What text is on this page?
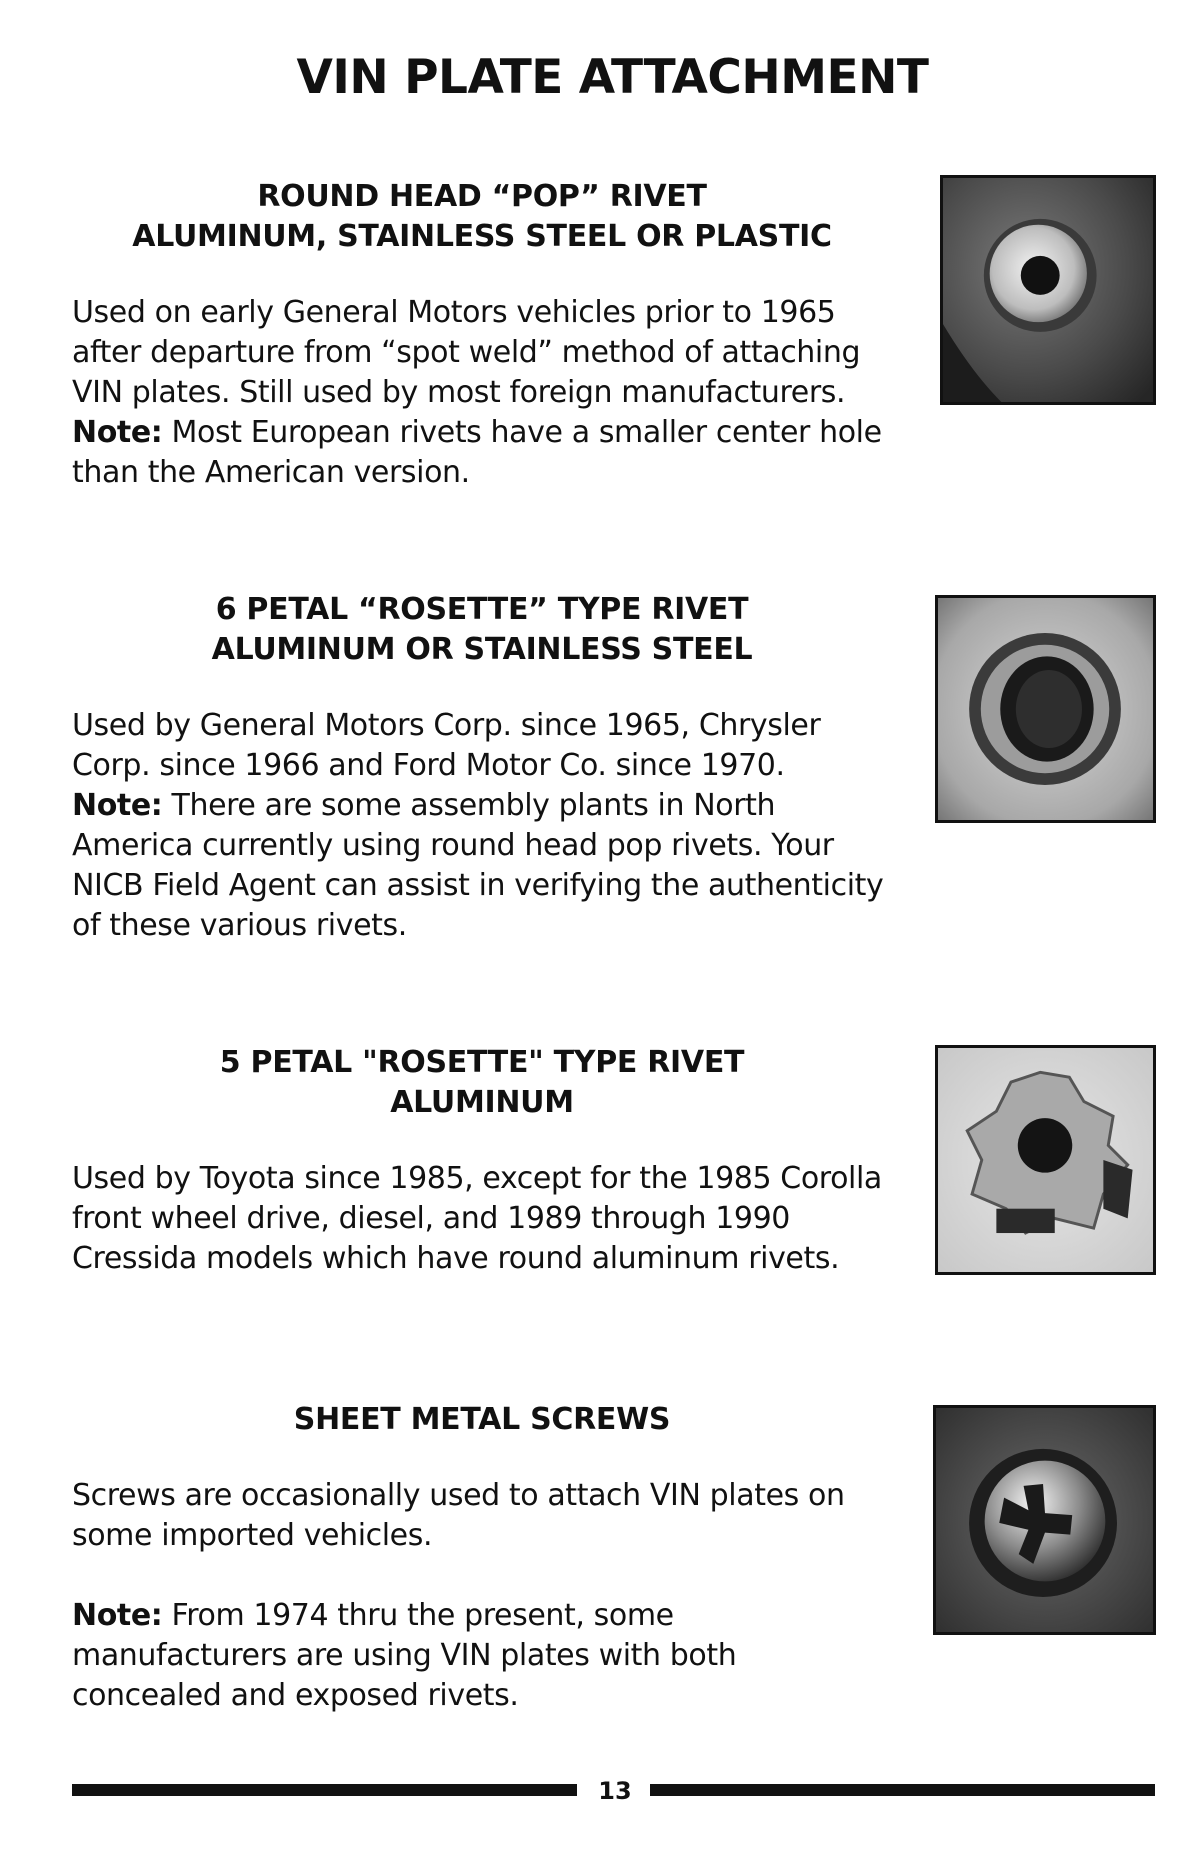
VIN PLATE ATTACHMENT
ROUND HEAD “POP” RIVET
ALUMINUM, STAINLESS STEEL OR PLASTIC
Used on early General Motors vehicles prior to 1965 after departure from “spot weld” method of attaching VIN plates. Still used by most foreign manufacturers.
Note: Most European rivets have a smaller center hole than the American version.
6 PETAL “ROSETTE” TYPE RIVET
ALUMINUM OR STAINLESS STEEL
Used by General Motors Corp. since 1965, Chrysler Corp. since 1966 and Ford Motor Co. since 1970.
Note: There are some assembly plants in North America currently using round head pop rivets. Your NICB Field Agent can assist in verifying the authenticity of these various rivets.
5 PETAL "ROSETTE" TYPE RIVET
ALUMINUM
Used by Toyota since 1985, except for the 1985 Corolla front wheel drive, diesel, and 1989 through 1990 Cressida models which have round aluminum rivets.
SHEET METAL SCREWS
Screws are occasionally used to attach VIN plates on some imported vehicles.
Note: From 1974 thru the present, some manufacturers are using VIN plates with both concealed and exposed rivets.
13
